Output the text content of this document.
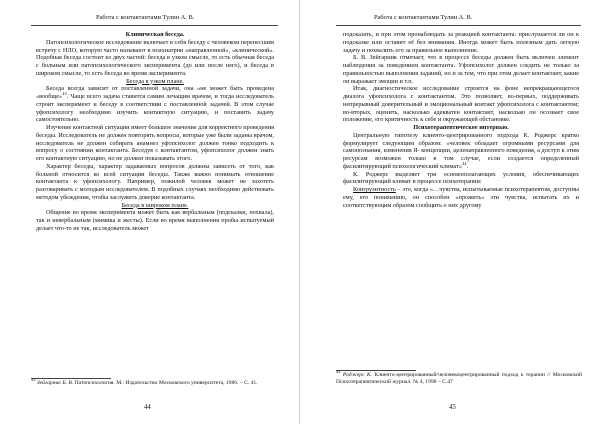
Работа с контактантами Тулин А. В.

Клиническая беседа.

Патопсихологическое исследование включает в себя беседу с человеком перенесшим встречу с НЛО, которую часто называют в психиатрии «направленной», «клинической». Подобная беседа состоит из двух частей: беседа в узком смысле, то есть обычная беседа с больным или патопсихологического эксперимента (до или после него), и беседа в широком смысле, то есть беседа во время эксперимента.

Беседа в узком плане.

Беседа всегда зависит от поставленной задачи, она «не может быть проведена «вообще»$^{43}$. Чаще всего задача ставится самим лечащим врачом, и тогда исследователь строит эксперимент и беседу в соответствии с поставленной задачей. В этом случае уфопсихологу необходимо изучить контактную ситуацию, и поставить задачу самостоятельно.

Изучение контактной ситуации имеет большое значение для корректного проведения беседы. Исследователь не должен повторять вопросы, которые уже были заданы врачом, исследователь не должен собирать анамнез уфопсихолог должен тонко подходить к вопросу о состоянии контактанта. Беседуя с контактантом, уфопсихолог должен знать его контактную ситуацию, но не должен показывать этого.

Характер беседы, характер задаваемых вопросов должны зависеть от того, как больной относится ко всей ситуации беседы. Также важно понимать отношение контактанта к уфопсихологу. Например, пожилой человек может не захотеть разговаривать с молодым исследователем. В подобных случаях необходимо действовать методом убеждения, чтобы заслужить доверие контактанта.

Беседа в широком плане.

Общение во время эксперимента может быть как вербальным (подсказки, похвала), так и невербальным (мимика и жесты). Если во время выполнения пробы испытуемый делает что-то не так, исследователь может

$^{43}$ Зейгарник Б. В. Патопсихология. М.: Издательство Московского университета, 1986. – С. 41.
44
Работа с контактантами Тулин А. В.

подсказать, и при этом пронаблюдать за реакцией контактанта: прислушается ли он к подсказке или оставит её без внимания. Иногда может быть полезным дать легкую задачу и похвалить его за правильное выполнение.

Б. В. Зейгарник отмечает, что в процессе беседы должен быть включен элемент наблюдения за поведением контактанта. Уфопсихолог должен следить не только за правильностью выполнения заданий, но и за тем, что при этом делает контактант, какие он выражает эмоции и т.п.

Итак, диагностическое исследование строится на фоне непрекращающегося диалога уфопсихолога с контактантом. Это позволяет, во-первых, поддерживать непрерывный доверительный и эмоциональный контакт уфопсихолога с контактантом; во-вторых, оценить, насколько адекватен контактант, насколько он осознает свое положение, его критичность к себе и окружающей обстановке.

Психотерапевтическое интервью.

Центральную гипотезу клиенто-центрированного подхода К. Роджерс кратко формулирует следующим образом: «человек обладает огромными ресурсами для самопознания, изменения Я- концепции, целенаправленного поведения, а доступ к этим ресурсам возможен только в том случае, если создается определенный фасилитирующий психологический климат»$^{44}$.

К. Роджерс выделяет три основополагающих условия, обеспечивающих фасилитирующий климат в процессе психотерапии:

Конгруэнтность – это, когда «…чувства, испытываемые психотерапевтом, доступны ему, его пониманию, он способен «прожить» эти чувства, испытать их и соответствующим образом сообщить о них другому

$^{44}$ Роджерс К. Клиенто-центрированный/человекоцентрированный подход к терапии // Московский Психотерапевтический журнал. № 4, 1998 – С.47
45
